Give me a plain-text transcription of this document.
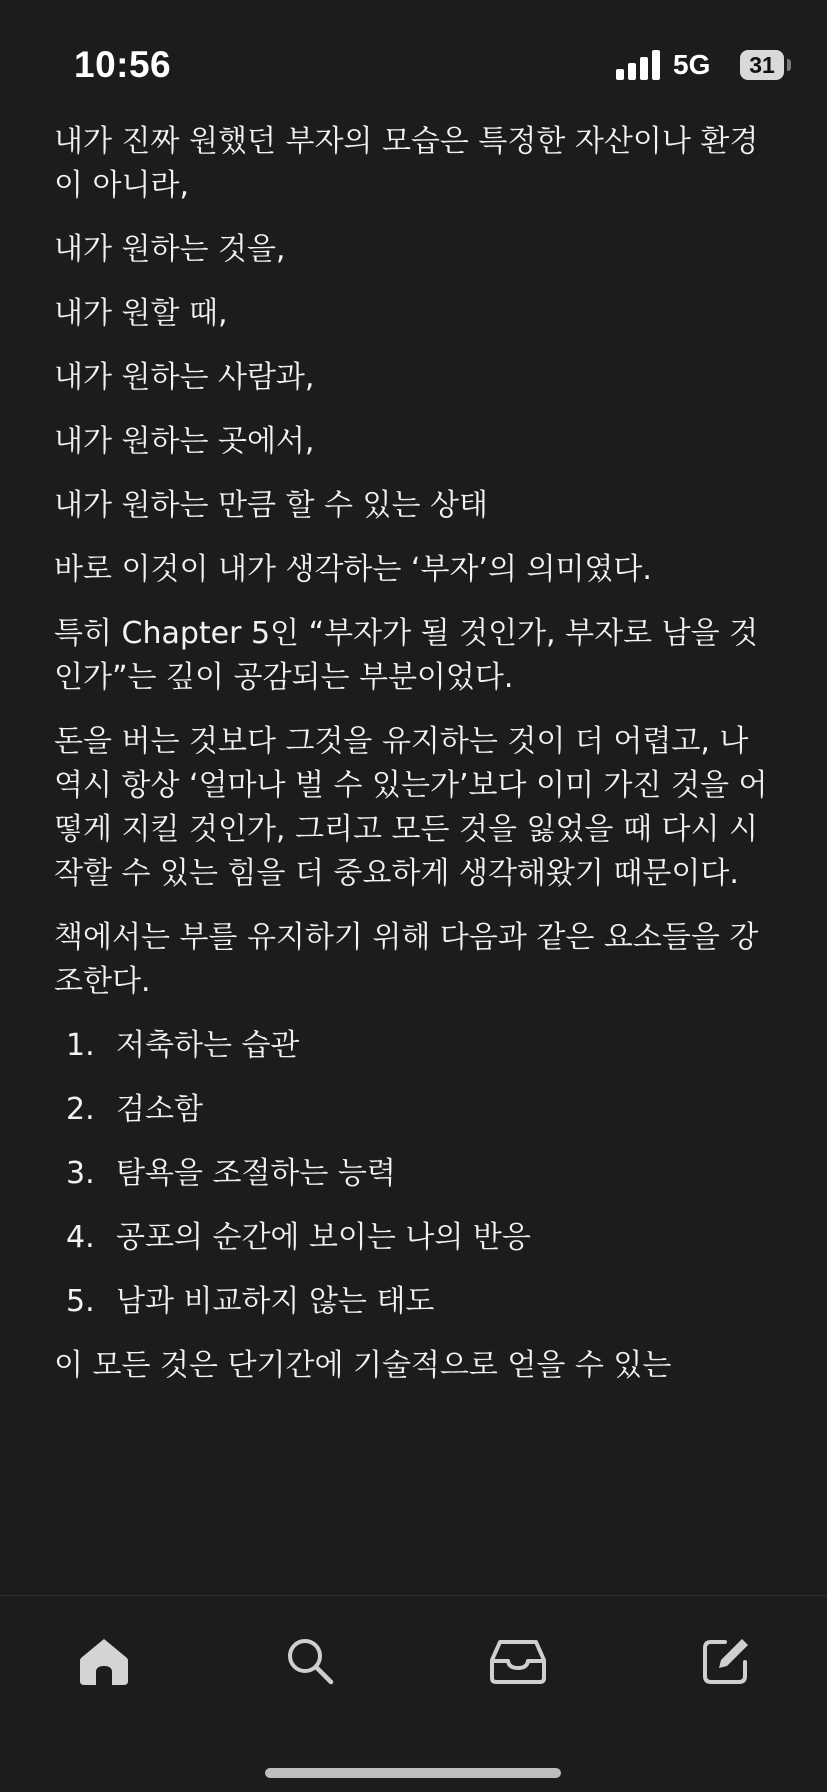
10:56	5G 31

내가 진짜 원했던 부자의 모습은 특정한 자산이나 환경이 아니라,

내가 원하는 것을,

내가 원할 때,

내가 원하는 사람과,

내가 원하는 곳에서,

내가 원하는 만큼 할 수 있는 상태

바로 이것이 내가 생각하는 ‘부자’의 의미였다.

특히 Chapter 5인 “부자가 될 것인가, 부자로 남을 것인가”는 깊이 공감되는 부분이었다.

돈을 버는 것보다 그것을 유지하는 것이 더 어렵고, 나 역시 항상 ‘얼마나 벌 수 있는가’보다 이미 가진 것을 어떻게 지킬 것인가, 그리고 모든 것을 잃었을 때 다시 시작할 수 있는 힘을 더 중요하게 생각해왔기 때문이다.

책에서는 부를 유지하기 위해 다음과 같은 요소들을 강조한다.

1. 저축하는 습관
2. 검소함
3. 탐욕을 조절하는 능력
4. 공포의 순간에 보이는 나의 반응
5. 남과 비교하지 않는 태도

이 모든 것은 단기간에 기술적으로 얻을 수 있는
